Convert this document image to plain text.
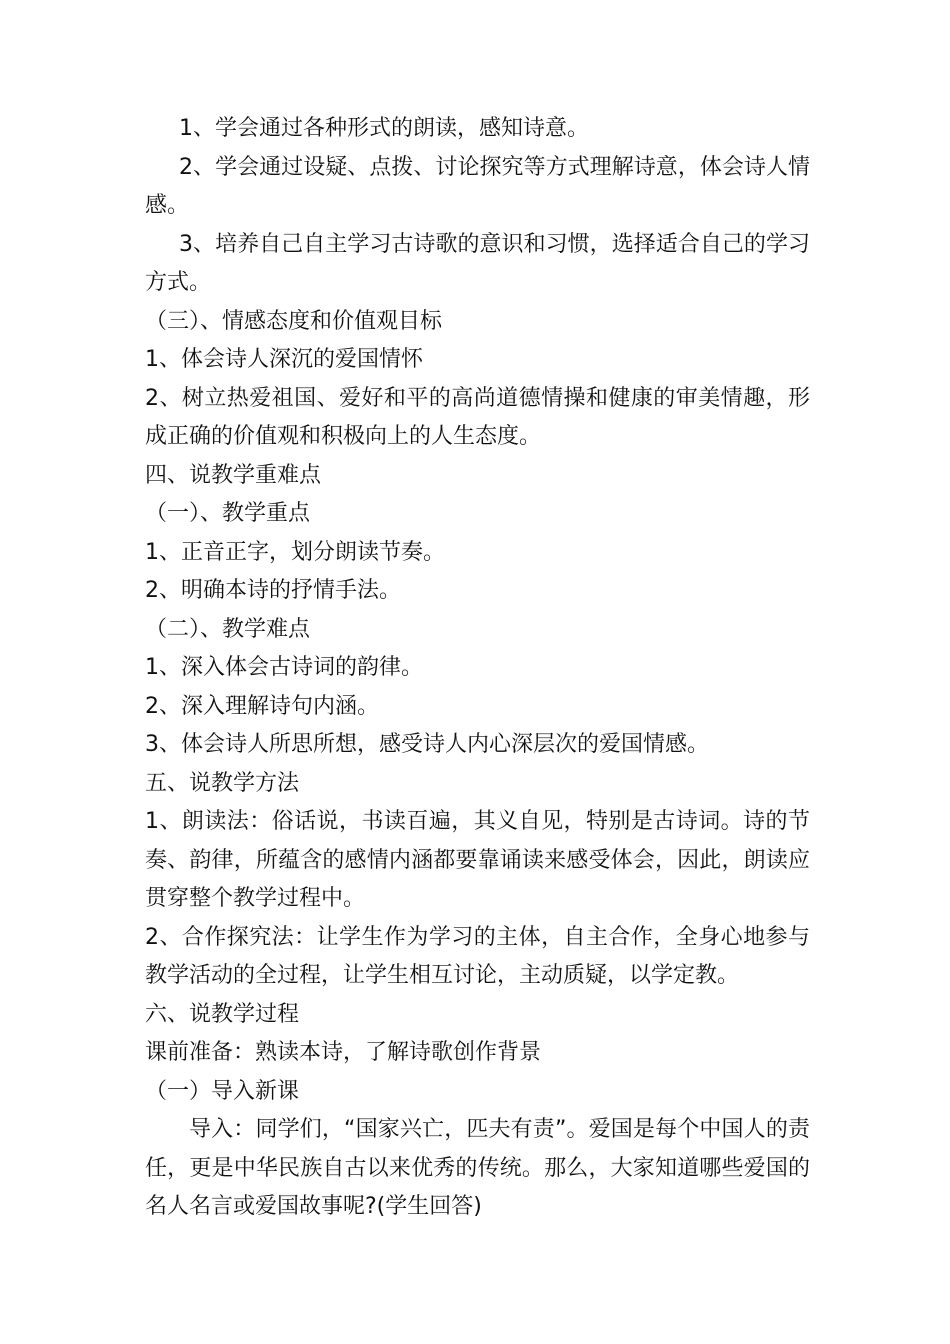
1、学会通过各种形式的朗读，感知诗意。

2、学会通过设疑、点拨、讨论探究等方式理解诗意，体会诗人情感。

3、培养自己自主学习古诗歌的意识和习惯，选择适合自己的学习方式。

（三）、情感态度和价值观目标

1、体会诗人深沉的爱国情怀

2、树立热爱祖国、爱好和平的高尚道德情操和健康的审美情趣，形成正确的价值观和积极向上的人生态度。

四、说教学重难点

（一）、教学重点

1、正音正字，划分朗读节奏。

2、明确本诗的抒情手法。

（二）、教学难点

1、深入体会古诗词的韵律。

2、深入理解诗句内涵。

3、体会诗人所思所想，感受诗人内心深层次的爱国情感。

五、说教学方法

1、朗读法：俗话说，书读百遍，其义自见，特别是古诗词。诗的节奏、韵律，所蕴含的感情内涵都要靠诵读来感受体会，因此，朗读应贯穿整个教学过程中。

2、合作探究法：让学生作为学习的主体，自主合作，全身心地参与教学活动的全过程，让学生相互讨论，主动质疑，以学定教。

六、说教学过程

课前准备：熟读本诗，了解诗歌创作背景

（一）导入新课

导入：同学们，“国家兴亡，匹夫有责”。爱国是每个中国人的责任，更是中华民族自古以来优秀的传统。那么，大家知道哪些爱国的名人名言或爱国故事呢?(学生回答)
